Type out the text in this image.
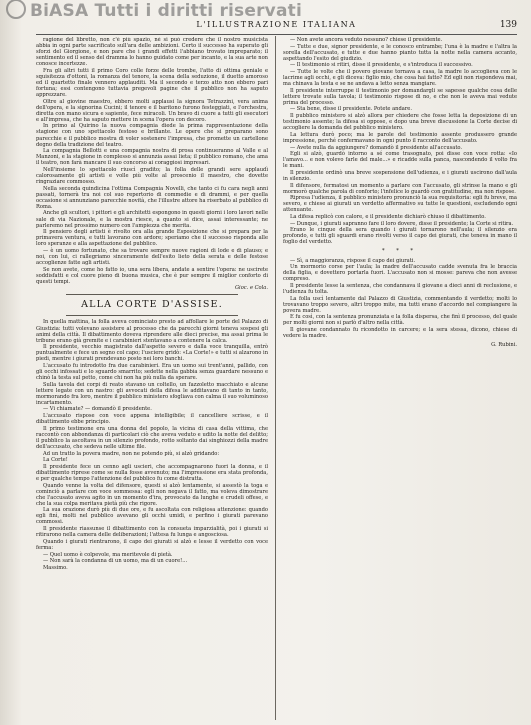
BiASA Tutti i diritti riservati
L'ILLUSTRAZIONE ITALIANA	139

ragione del libretto, non c'è più spazio, né si può credere che il nostro musicista abbia in ogni parte sacrificato sull'ara delle ambizioni. Certo il successo ha superato gli sforzi del Giorgione, e non pare che i grandi effetti l'abbiano trovato impreparato; il sentimento ed il senso del dramma lo hanno guidato come per incanto, e la sua arte non conosce incertezze.

Fra gli altri tutti il primo Coro colle forze delle trombe, l'atto di ottima geniale e squisitezza d'ottoni, la romanza del tenore, la scena della seduzione, il duetto amoroso ed il quartetto finale vennero applauditi. Ma il secondo e terzo atto non ebbero pari fortuna; essi contengono tuttavia pregevoli pagine che il pubblico non ha saputo apprezzare.

Oltre al giovine maestro, ebbero molti applausi la signora Tetrazzini, vera anima dell'opera, e la signorina Cucini; il tenore e il baritono furono festeggiati, e l'orchestra, diretta con mano sicura e sapiente, fece miracoli. Un bravo di cuore a tutti gli esecutori e all'impresa, che ha saputo mettere in scena l'opera con decoro.

In primo al Quirino la nuova compagnia diede la prima rappresentazione della stagione con uno spettacolo festoso e brillante. Le opere che si preparano sono parecchie e il pubblico mostra di voler sostenere l'impresa, che promette un cartellone degno della tradizione del teatro.

La compagnia Bellotti e una compagnia nostra di prosa continueranno al Valle e al Manzoni, e la stagione in complesso si annunzia assai lieta; il pubblico romano, che ama il teatro, non farà mancare il suo concorso ai coraggiosi impresari.

Nell'insieme lo spettacolo riuscì gradito; la folla delle grandi sere applaudì calorosamente gli artisti e volle più volte al proscenio il maestro, che dovette ringraziare commosso.

Nella seconda quindicina l'ottima Compagnia Novelli, che tanto ci fu cara negli anni passati, tornerà tra noi col suo repertorio di commedie e di drammi, e per quella occasione si annunziano parecchie novità, che l'illustre attore ha riserbato al pubblico di Roma.

Anche gli scultori, i pittori e gli architetti espongono in questi giorni i loro lavori nelle sale di via Nazionale, e la mostra riesce, a quanto si dice, assai interessante; ne parleremo nel prossimo numero con l'ampiezza che merita.

Il pensiero degli artisti è rivolto ora alla grande Esposizione che si prepara per la primavera ventura, e tutti lavorano con ardore; speriamo che il successo risponda alle loro speranze e alla aspettazione del pubblico.

— è un uomo fortunato, che sa trovare sempre nuove ragioni di lode e di plauso; e noi, con lui, ci rallegriamo sinceramente dell'esito lieto della serata e delle festose accoglienze fatte agli artisti.

Se non avete, come ho fatto io, una sera libera, andate a sentire l'opera: ne uscirete soddisfatti e col cuore pieno di buona musica, che è pur sempre il miglior conforto di questi tempi.

Gioc. e Cola.

ALLA CORTE D'ASSISE.

In quella mattina, la folla aveva cominciato presto ad affollare le porte del Palazzo di Giustizia: tutti volevano assistere al processo che da parecchi giorni teneva sospesi gli animi della città. Il dibattimento doveva riprendere alle dieci precise, ma assai prima le tribune erano già gremite e i carabinieri stentavano a contenere la calca.

Il presidente, vecchio magistrato dall'aspetto severo e dalla voce tranquilla, entrò puntualmente e fece un segno col capo; l'usciere gridò: «La Corte!» e tutti si alzarono in piedi, mentre i giurati prendevano posto nei loro banchi.

L'accusato fu introdotto fra due carabinieri. Era un uomo sui trent'anni, pallido, con gli occhi infossati e lo sguardo smarrito; sedette nella gabbia senza guardare nessuno e chinò la testa sul petto, come chi non ha più nulla da sperare.

Sulla tavola dei corpi di reato stavano un coltello, un fazzoletto macchiato e alcune lettere legate con un nastro: gli avvocati della difesa le additavano di tanto in tanto, mormorando fra loro, mentre il pubblico ministero sfogliava con calma il suo voluminoso incartamento.

— Vi chiamate? — domandò il presidente.

L'accusato rispose con voce appena intelligibile; il cancelliere scrisse, e il dibattimento ebbe principio.

Il primo testimone era una donna del popolo, la vicina di casa della vittima, che raccontò con abbondanza di particolari ciò che aveva veduto e udito la notte del delitto; il pubblico la ascoltava in un silenzio profondo, rotto soltanto dai singhiozzi della madre dell'accusato, che sedeva nelle ultime file.

Ad un tratto la povera madre, non ne potendo più, si alzò gridando:

La Corte!

Il presidente fece un cenno agli uscieri, che accompagnarono fuori la donna, e il dibattimento riprese come se nulla fosse avvenuto; ma l'impressione era stata profonda, e per qualche tempo l'attenzione del pubblico fu come distratta.

Quando venne la volta del difensore, questi si alzò lentamente, si assestò la toga e cominciò a parlare con voce sommessa: egli non negava il fatto, ma voleva dimostrare che l'accusato aveva agito in un momento d'ira, provocato da lunghe e crudeli offese, e che la sua colpa meritava pietà più che rigore.

La sua orazione durò più di due ore, e fu ascoltata con religiosa attenzione: quando egli finì, molti nel pubblico avevano gli occhi umidi, e perfino i giurati parevano commossi.

Il presidente riassunse il dibattimento con la consueta imparzialità, poi i giurati si ritirarono nella camera delle deliberazioni; l'attesa fu lunga e angosciosa.

Quando i giurati rientrarono, il capo dei giurati si alzò e lesse il verdetto con voce ferma:

— Quel uomo è colpevole, ma meritevole di pietà.

— Non sarà la condanna di un uomo, ma di un cuore!...

Massimo.

— Non avete ancora veduto nessuno? chiese il presidente.

— Tutte e due, signor presidente, e le conosco entrambe; l'una è la madre e l'altra la sorella dell'accusato, e tutte e due hanno pianto tutta la notte nella camera accanto, aspettando l'esito del giudizio.

— Il testimonio si ritiri, disse il presidente, e s'introduca il successivo.

— Tutte le volte che il povero giovane tornava a casa, la madre lo accoglieva con le lacrime agli occhi, e gli diceva: figlio mio, che cosa hai fatto? Ed egli non rispondeva mai, ma chinava la testa e se ne andava a letto senza mangiare.

Il presidente interruppe il testimonio per domandargli se sapesse qualche cosa delle lettere trovate sulla tavola; il testimonio rispose di no, e che non le aveva mai vedute prima del processo.

— Sta bene, disse il presidente. Potete andare.

Il pubblico ministero si alzò allora per chiedere che fosse letta la deposizione di un testimonio assente; la difesa si oppose, e dopo una breve discussione la Corte decise di accogliere la domanda del pubblico ministero.

La lettura durò poco; ma le parole del testimonio assente produssero grande impressione, perché confermavano in ogni punto il racconto dell'accusato.

— Avete nulla da aggiungere? domandò il presidente all'accusato.

Egli si alzò, guardò intorno a sé come trasognato, poi disse con voce rotta: «Io l'amavo... e non volevo farle del male...» e ricadde sulla panca, nascondendo il volto fra le mani.

Il presidente ordinò una breve sospensione dell'udienza, e i giurati uscirono dall'aula in silenzio.

Il difensore, fermatosi un momento a parlare con l'accusato, gli strinse la mano e gli mormorò qualche parola di conforto; l'infelice lo guardò con gratitudine, ma non rispose.

Ripresa l'udienza, il pubblico ministero pronunciò la sua requisitoria: egli fu breve, ma severo, e chiese ai giurati un verdetto affermativo su tutte le questioni, escludendo ogni attenuante.

La difesa replicò con calore, e il presidente dichiarò chiuso il dibattimento.

— Dunque, i giurati sapranno fare il loro dovere, disse il presidente; la Corte si ritira.

Erano le cinque della sera quando i giurati tornarono nell'aula; il silenzio era profondo, e tutti gli sguardi erano rivolti verso il capo dei giurati, che teneva in mano il foglio del verdetto.

* * *

— Sì, a maggioranza, rispose il capo dei giurati.

Un mormorio corse per l'aula; la madre dell'accusato cadde svenuta fra le braccia della figlia, e dovettero portarla fuori. L'accusato non si mosse: pareva che non avesse compreso.

Il presidente lesse la sentenza, che condannava il giovane a dieci anni di reclusione, e l'udienza fu tolta.

La folla uscì lentamente dal Palazzo di Giustizia, commentando il verdetto; molti lo trovavano troppo severo, altri troppo mite, ma tutti erano d'accordo nel compiangere la povera madre.

E fu così, con la sentenza pronunziata e la folla dispersa, che finì il processo, del quale per molti giorni non si parlò d'altro nella città.

Il giovane condannato fu ricondotto in carcere; e la sera stessa, dicono, chiese di vedere la madre.

G. Rubini.
